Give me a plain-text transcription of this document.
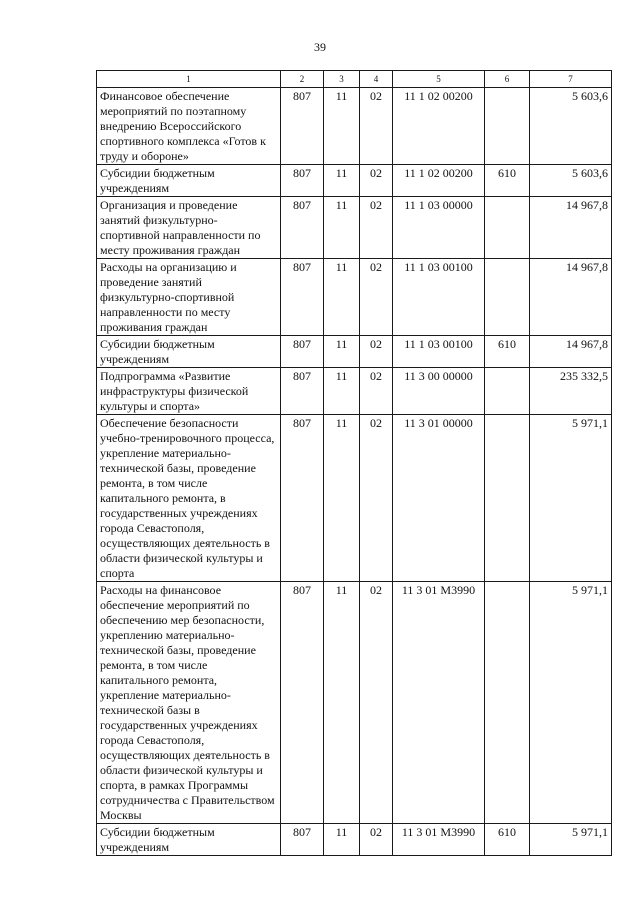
39
1	2	3	4	5	6	7
Финансовое обеспечение мероприятий по поэтапному внедрению Всероссийского спортивного комплекса «Готов к труду и обороне»	807	11	02	11 1 02 00200		5 603,6
Субсидии бюджетным учреждениям	807	11	02	11 1 02 00200	610	5 603,6
Организация и проведение занятий физкультурно-спортивной направленности по месту проживания граждан	807	11	02	11 1 03 00000		14 967,8
Расходы на организацию и проведение занятий физкультурно-спортивной направленности по месту проживания граждан	807	11	02	11 1 03 00100		14 967,8
Субсидии бюджетным учреждениям	807	11	02	11 1 03 00100	610	14 967,8
Подпрограмма «Развитие инфраструктуры физической культуры и спорта»	807	11	02	11 3 00 00000		235 332,5
Обеспечение безопасности учебно-тренировочного процесса, укрепление материально-технической базы, проведение ремонта, в том числе капитального ремонта, в государственных учреждениях города Севастополя, осуществляющих деятельность в области физической культуры и спорта	807	11	02	11 3 01 00000		5 971,1
Расходы на финансовое обеспечение мероприятий по обеспечению мер безопасности, укреплению материально-технической базы, проведение ремонта, в том числе капитального ремонта, укрепление материально-технической базы в государственных учреждениях города Севастополя, осуществляющих деятельность в области физической культуры и спорта, в рамках Программы сотрудничества с Правительством Москвы	807	11	02	11 3 01 М3990		5 971,1
Субсидии бюджетным учреждениям	807	11	02	11 3 01 М3990	610	5 971,1
